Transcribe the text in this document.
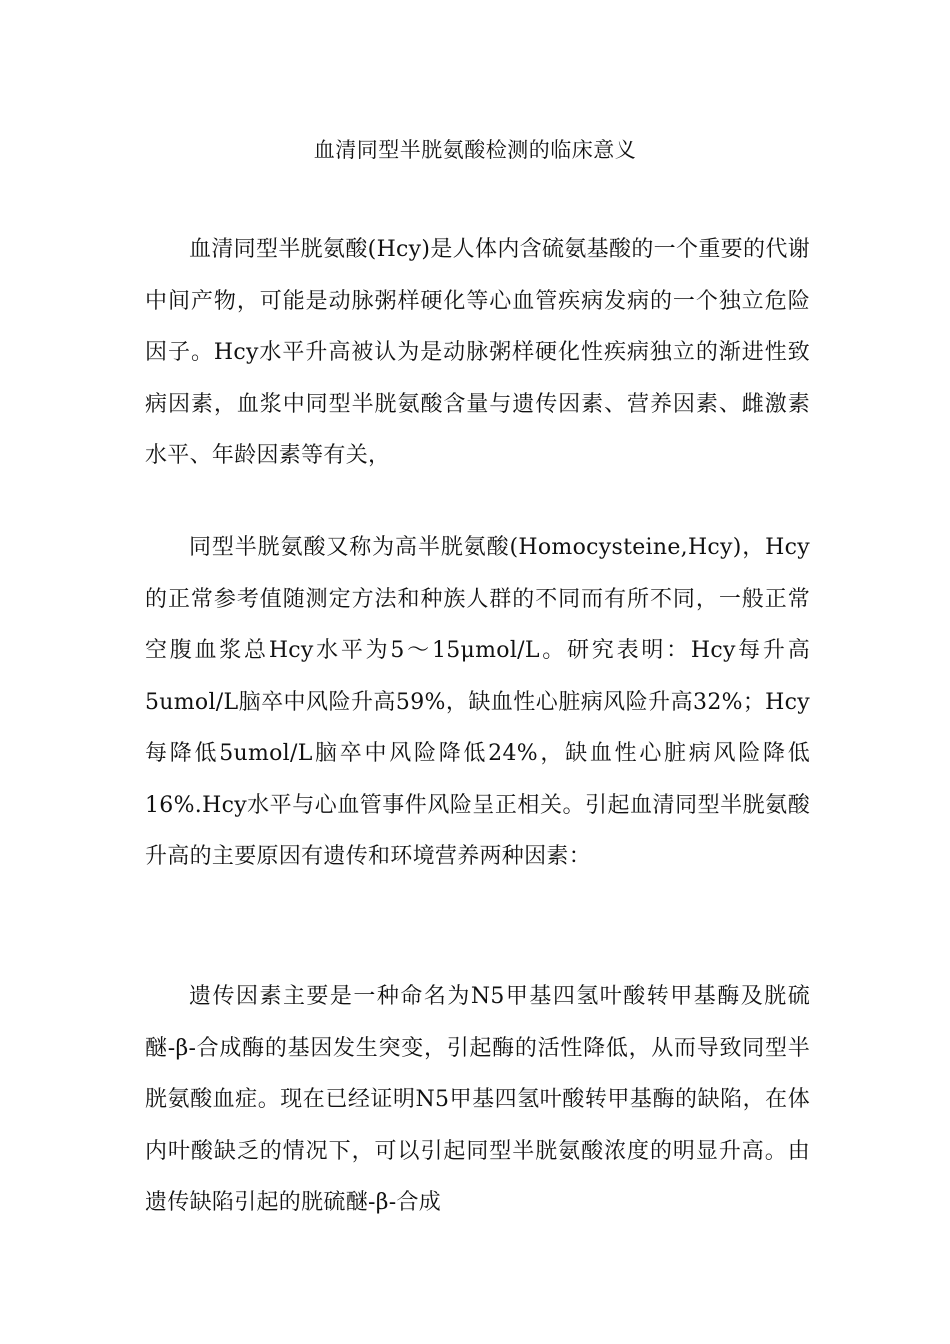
血清同型半胱氨酸检测的临床意义

血清同型半胱氨酸(Hcy)是人体内含硫氨基酸的一个重要的代谢中间产物，可能是动脉粥样硬化等心血管疾病发病的一个独立危险因子。Hcy水平升高被认为是动脉粥样硬化性疾病独立的渐进性致病因素，血浆中同型半胱氨酸含量与遗传因素、营养因素、雌激素水平、年龄因素等有关，

同型半胱氨酸又称为高半胱氨酸(Homocysteine,Hcy)，Hcy的正常参考值随测定方法和种族人群的不同而有所不同，一般正常空腹血浆总Hcy水平为5～15μmol/L。研究表明：Hcy每升高5umol/L脑卒中风险升高59%，缺血性心脏病风险升高32%；Hcy每降低5umol/L脑卒中风险降低24%，缺血性心脏病风险降低16%.Hcy水平与心血管事件风险呈正相关。引起血清同型半胱氨酸升高的主要原因有遗传和环境营养两种因素：

遗传因素主要是一种命名为N5甲基四氢叶酸转甲基酶及胱硫醚-β-合成酶的基因发生突变，引起酶的活性降低，从而导致同型半胱氨酸血症。现在已经证明N5甲基四氢叶酸转甲基酶的缺陷，在体内叶酸缺乏的情况下，可以引起同型半胱氨酸浓度的明显升高。由遗传缺陷引起的胱硫醚-β-合成
